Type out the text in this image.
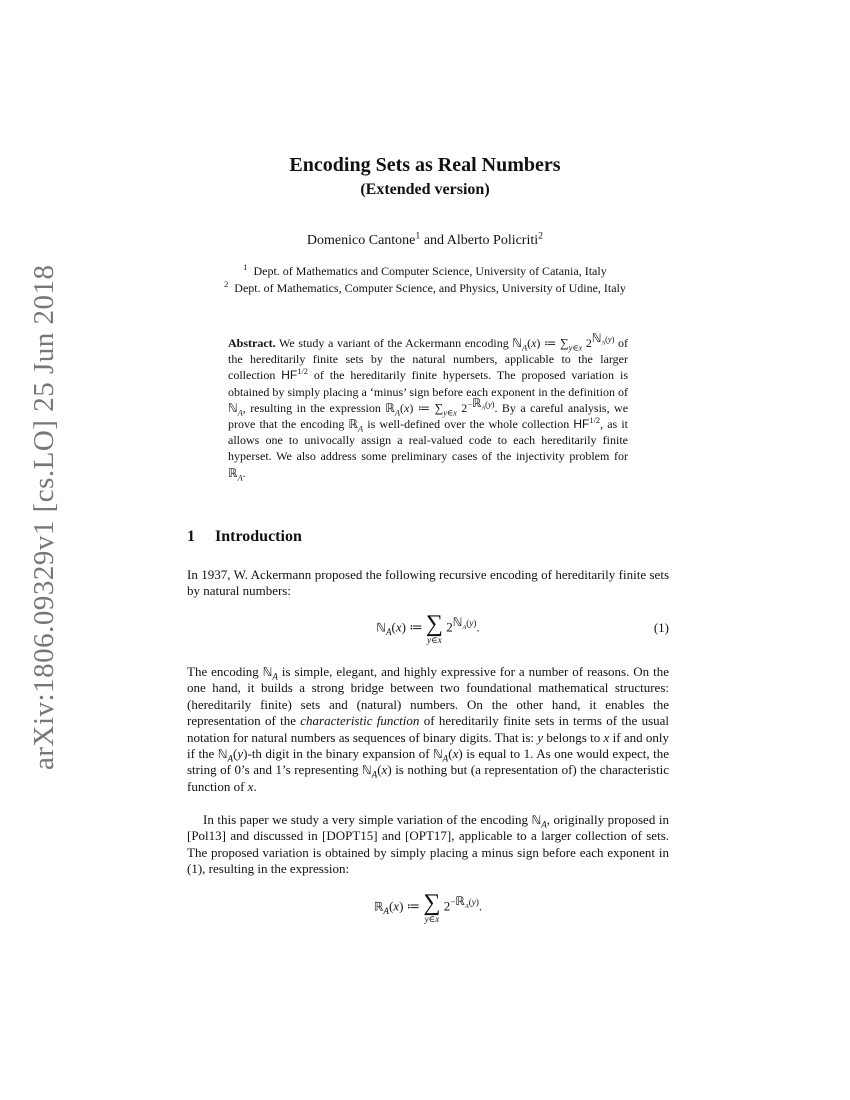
arXiv:1806.09329v1 [cs.LO] 25 Jun 2018
Encoding Sets as Real Numbers
(Extended version)
Domenico Cantone$^1$ and Alberto Policriti$^2$
$^1$ Dept. of Mathematics and Computer Science, University of Catania, Italy
$^2$ Dept. of Mathematics, Computer Science, and Physics, University of Udine, Italy
Abstract. We study a variant of the Ackermann encoding ℕ$_A$(x) ≔ $\sum_{y\in x}$ $2^{ℕ_A(y)}$ of the hereditarily finite sets by the natural numbers, applicable to the larger collection $HF^{1/2}$ of the hereditarily finite hypersets. The proposed variation is obtained by simply placing a ‘minus’ sign before each exponent in the definition of ℕ$_A$, resulting in the expression ℝ$_A$(x) ≔ $\sum_{y\in x}$ $2^{-ℝ_A(y)}$. By a careful analysis, we prove that the encoding ℝ$_A$ is well-defined over the whole collection $HF^{1/2}$, as it allows one to univocally assign a real-valued code to each hereditarily finite hyperset. We also address some preliminary cases of the injectivity problem for ℝ$_A$.
1 Introduction

In 1937, W. Ackermann proposed the following recursive encoding of hereditarily finite sets by natural numbers:

ℕ$_A$(x) ≔ ∑
y∈x
$2^{ℕ_A(y)}$.	(1)

The encoding ℕ$_A$ is simple, elegant, and highly expressive for a number of reasons. On the one hand, it builds a strong bridge between two foundational mathematical structures: (hereditarily finite) sets and (natural) numbers. On the other hand, it enables the representation of the characteristic function of hereditarily finite sets in terms of the usual notation for natural numbers as sequences of binary digits. That is: y belongs to x if and only if the ℕ$_A$(y)-th digit in the binary expansion of ℕ$_A$(x) is equal to 1. As one would expect, the string of 0’s and 1’s representing ℕ$_A$(x) is nothing but (a representation of) the characteristic function of x.

In this paper we study a very simple variation of the encoding ℕ$_A$, originally proposed in [Pol13] and discussed in [DOPT15] and [OPT17], applicable to a larger collection of sets. The proposed variation is obtained by simply placing a minus sign before each exponent in (1), resulting in the expression:

ℝ$_A$(x) ≔ ∑
y∈x
$2^{-ℝ_A(y)}$.
